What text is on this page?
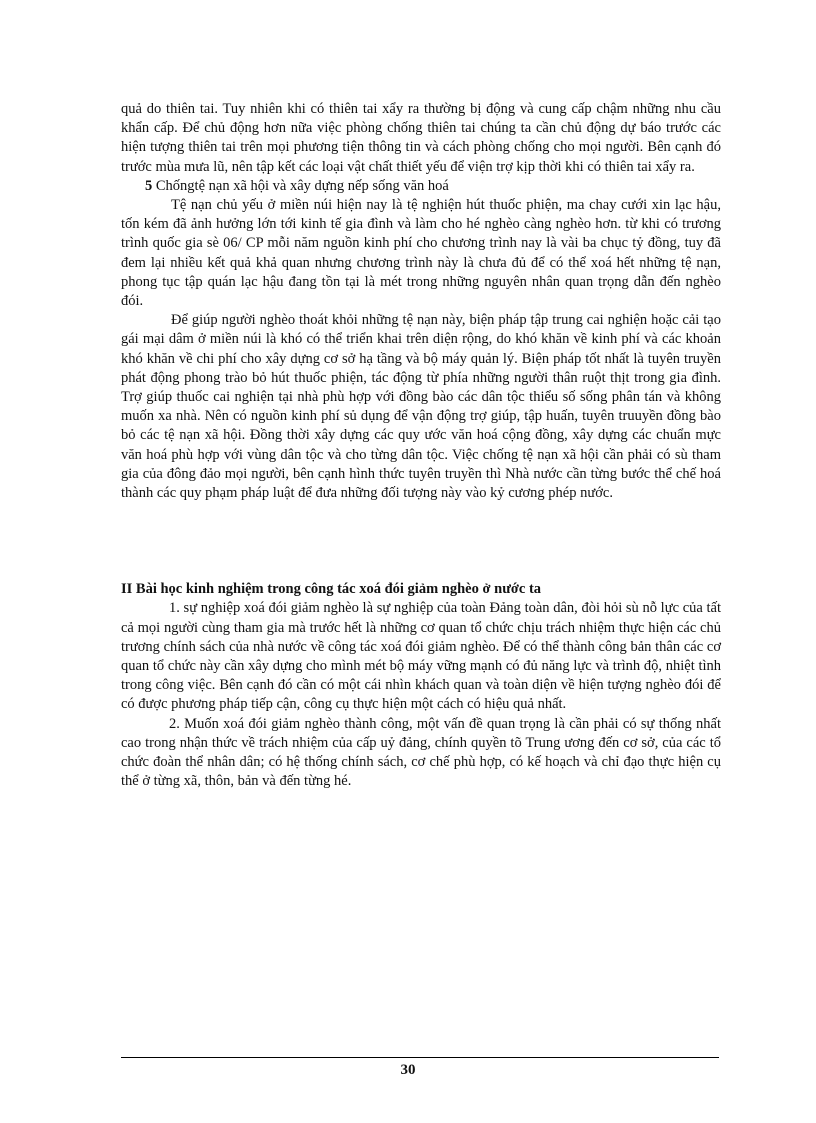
quả do thiên tai. Tuy nhiên khi có thiên tai xẩy ra thường bị động và cung cấp chậm những nhu cầu khẩn cấp. Để chủ động hơn nữa việc phòng chống thiên tai chúng ta cần chủ động dự báo trước các hiện tượng thiên tai trên mọi phương tiện thông tin và cách phòng chống cho mọi người. Bên cạnh đó trước mùa mưa lũ, nên tập kết các loại vật chất thiết yếu để viện trợ kịp thời khi có thiên tai xẩy ra.

5 Chốngtệ nạn xã hội và xây dựng nếp sống văn hoá

Tệ nạn chủ yếu ở miền núi hiện nay là tệ nghiện hút thuốc phiện, ma chay cưới xin lạc hậu, tốn kém đã ảnh hưởng lớn tới kinh tế gia đình và làm cho hé nghèo càng nghèo hơn. từ khi có trương trình quốc gia sè 06/ CP mỗi năm nguồn kinh phí cho chương trình nay là vài ba chục tỷ đồng, tuy đã đem lại nhiều kết quả khả quan nhưng chương trình này là chưa đủ để có thể xoá hết những tệ nạn, phong tục tập quán lạc hậu đang tồn tại là mét trong những nguyên nhân quan trọng dẫn đến nghèo đói.

Để giúp người nghèo thoát khỏi những tệ nạn này, biện pháp tập trung cai nghiện hoặc cải tạo gái mại dâm ở miền núi là khó có thể triển khai trên diện rộng, do khó khăn về kinh phí và các khoản khó khăn về chi phí cho xây dựng cơ sở hạ tầng và bộ máy quản lý. Biện pháp tốt nhất là tuyên truyền phát động phong trào bỏ hút thuốc phiện, tác động từ phía những người thân ruột thịt trong gia đình. Trợ giúp thuốc cai nghiện tại nhà phù hợp với đồng bào các dân tộc thiểu số sống phân tán và không muốn xa nhà. Nên có nguồn kinh phí sủ dụng để vận động trợ giúp, tập huấn, tuyên truuyền đồng bào bỏ các tệ nạn xã hội. Đồng thời xây dựng các quy ước văn hoá cộng đồng, xây dựng các chuẩn mực văn hoá phù hợp với vùng dân tộc và cho từng dân tộc. Việc chống tệ nạn xã hội cần phải có sù tham gia của đông đảo mọi người, bên cạnh hình thức tuyên truyền thì Nhà nước cần từng bước thể chế hoá thành các quy phạm pháp luật để đưa những đối tượng này vào kỷ cương phép nước.

II Bài học kinh nghiệm trong công tác xoá đói giảm nghèo ở nước ta

1. sự nghiệp xoá đói giảm nghèo là sự nghiệp của toàn Đảng toàn dân, đòi hỏi sù nỗ lực của tất cả mọi người cùng tham gia mà trước hết là những cơ quan tổ chức chịu trách nhiệm thực hiện các chủ trương chính sách của nhà nước về công tác xoá đói giảm nghèo. Để có thể thành công bản thân các cơ quan tổ chức này cần xây dựng cho mình mét bộ máy vững mạnh có đủ năng lực và trình độ, nhiệt tình trong công việc. Bên cạnh đó cần có một cái nhìn khách quan và toàn diện về hiện tượng nghèo đói để có được phương pháp tiếp cận, công cụ thực hiện một cách có hiệu quả nhất.

2. Muốn xoá đói giảm nghèo thành công, một vấn đề quan trọng là cần phải có sự thống nhất cao trong nhận thức về trách nhiệm của cấp uỷ đảng, chính quyền tõ Trung ương đến cơ sở, của các tổ chức đoàn thể nhân dân; có hệ thống chính sách, cơ chế phù hợp, có kế hoạch và chỉ đạo thực hiện cụ thể ở từng xã, thôn, bản và đến từng hé.

30
